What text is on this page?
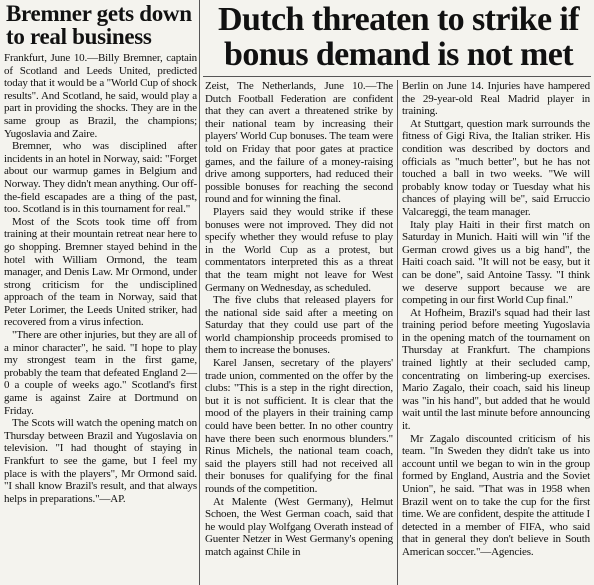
Bremner gets down to real business

Frankfurt, June 10.—Billy Bremner, captain of Scotland and Leeds United, predicted today that it would be a "World Cup of shock results". And Scotland, he said, would play a part in providing the shocks. They are in the same group as Brazil, the champions; Yugoslavia and Zaire.

Bremner, who was disciplined after incidents in an hotel in Norway, said: "Forget about our warmup games in Belgium and Norway. They didn't mean anything. Our off-the-field escapades are a thing of the past, too. Scotland is in this tournament for real."

Most of the Scots took time off from training at their mountain retreat near here to go shopping. Bremner stayed behind in the hotel with William Ormond, the team manager, and Denis Law. Mr Ormond, under strong criticism for the undisciplined approach of the team in Norway, said that Peter Lorimer, the Leeds United striker, had recovered from a virus infection.

"There are other injuries, but they are all of a minor character", he said. "I hope to play my strongest team in the first game, probably the team that defeated England 2—0 a couple of weeks ago." Scotland's first game is against Zaire at Dortmund on Friday.

The Scots will watch the opening match on Thursday between Brazil and Yugoslavia on television. "I had thought of staying in Frankfurt to see the game, but I feel my place is with the players", Mr Ormond said. "I shall know Brazil's result, and that always helps in preparations."—AP.

Dutch threaten to strike if bonus demand is not met

Zeist, The Netherlands, June 10.—The Dutch Football Federation are confident that they can avert a threatened strike by their national team by increasing their players' World Cup bonuses. The team were told on Friday that poor gates at practice games, and the failure of a money-raising drive among supporters, had reduced their possible bonuses for reaching the second round and for winning the final.

Players said they would strike if these bonuses were not improved. They did not specify whether they would refuse to play in the World Cup as a protest, but commentators interpreted this as a threat that the team might not leave for West Germany on Wednesday, as scheduled.

The five clubs that released players for the national side said after a meeting on Saturday that they could use part of the world championship proceeds promised to them to increase the bonuses.

Karel Jansen, secretary of the players' trade union, commented on the offer by the clubs: "This is a step in the right direction, but it is not sufficient. It is clear that the mood of the players in their training camp could have been better. In no other country have there been such enormous blunders." Rinus Michels, the national team coach, said the players still had not received all their bonuses for qualifying for the final rounds of the competition.

At Malente (West Germany), Helmut Schoen, the West German coach, said that he would play Wolfgang Overath instead of Guenter Netzer in West Germany's opening match against Chile in

Berlin on June 14. Injuries have hampered the 29-year-old Real Madrid player in training.

At Stuttgart, question mark surrounds the fitness of Gigi Riva, the Italian striker. His condition was described by doctors and officials as "much better", but he has not touched a ball in two weeks. "We will probably know today or Tuesday what his chances of playing will be", said Erruccio Valcareggi, the team manager.

Italy play Haiti in their first match on Saturday in Munich. Haiti will win "if the German crowd gives us a big hand", the Haiti coach said. "It will not be easy, but it can be done", said Antoine Tassy. "I think we deserve support because we are competing in our first World Cup final."

At Hofheim, Brazil's squad had their last training period before meeting Yugoslavia in the opening match of the tournament on Thursday at Frankfurt. The champions trained lightly at their secluded camp, concentrating on limbering-up exercises. Mario Zagalo, their coach, said his lineup was "in his hand", but added that he would wait until the last minute before announcing it.

Mr Zagalo discounted criticism of his team. "In Sweden they didn't take us into account until we began to win in the group formed by England, Austria and the Soviet Union", he said. "That was in 1958 when Brazil went on to take the cup for the first time. We are confident, despite the attitude I detected in a member of FIFA, who said that in general they don't believe in South American soccer."—Agencies.
